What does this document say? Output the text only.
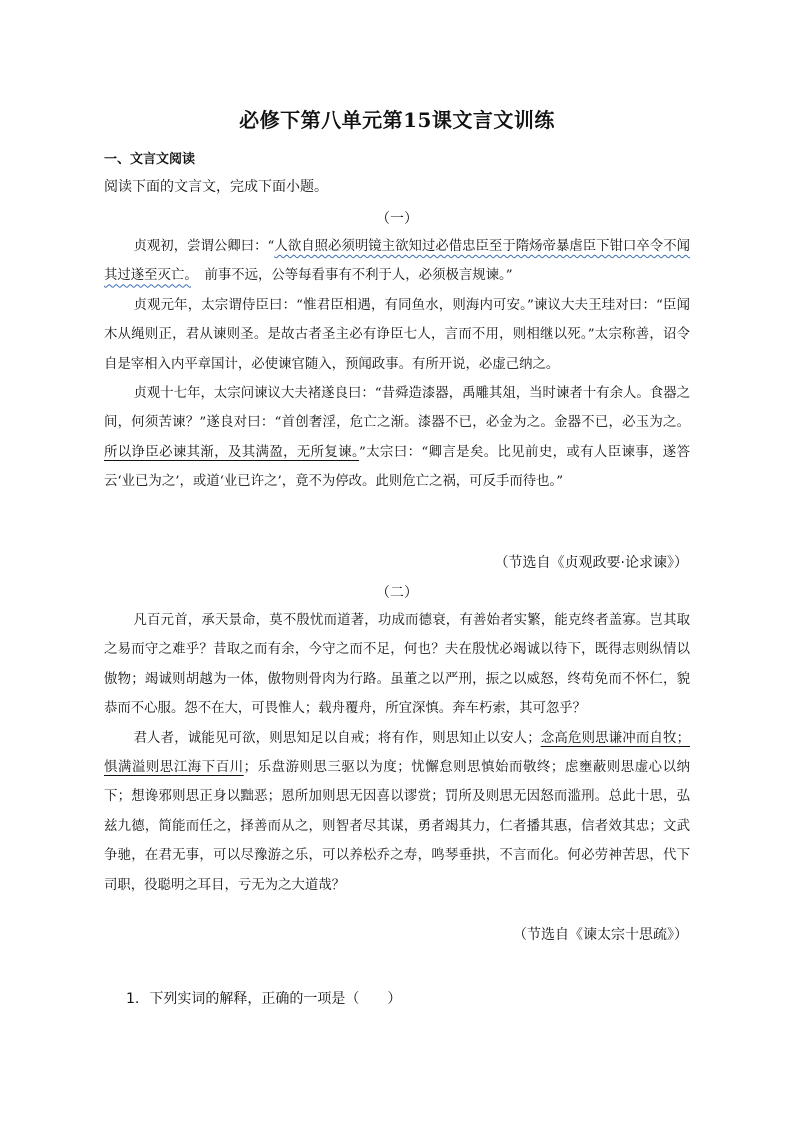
必修下第八单元第15课文言文训练
一、文言文阅读
阅读下面的文言文，完成下面小题。
（一）

贞观初，尝谓公卿曰：“人欲自照必须明镜主欲知过必借忠臣至于隋炀帝暴虐臣下钳口卒令不闻其过遂至灭亡。　 前事不远，公等每看事有不利于人，必须极言规谏。”

贞观元年，太宗谓侍臣曰：“惟君臣相遇，有同鱼水，则海内可安。”谏议大夫王珪对曰：“臣闻木从绳则正，君从谏则圣。是故古者圣主必有诤臣七人，言而不用，则相继以死。”太宗称善，诏令自是宰相入内平章国计，必使谏官随入，预闻政事。有所开说，必虚己纳之。

贞观十七年，太宗问谏议大夫褚遂良曰：“昔舜造漆器，禹雕其俎，当时谏者十有余人。食器之间，何须苦谏？”遂良对曰：“首创奢淫，危亡之渐。漆器不已，必金为之。金器不已，必玉为之。所以诤臣必谏其渐，及其满盈，无所复谏。”太宗曰：“卿言是矣。比见前史，或有人臣谏事，遂答云‘业已为之’，或道‘业已许之’，竟不为停改。此则危亡之祸，可反手而待也。”

（节选自《贞观政要·论求谏》）
（二）

凡百元首，承天景命，莫不殷忧而道著，功成而德衰，有善始者实繁，能克终者盖寡。岂其取之易而守之难乎？昔取之而有余，今守之而不足，何也？夫在殷忧必竭诚以待下，既得志则纵情以傲物；竭诚则胡越为一体，傲物则骨肉为行路。虽董之以严刑，振之以威怒，终苟免而不怀仁，貌恭而不心服。怨不在大，可畏惟人；载舟覆舟，所宜深慎。奔车朽索，其可忽乎？

君人者，诚能见可欲，则思知足以自戒；将有作，则思知止以安人；念高危则思谦冲而自牧；惧满溢则思江海下百川；乐盘游则思三驱以为度；忧懈怠则思慎始而敬终；虑壅蔽则思虚心以纳下；想谗邪则思正身以黜恶；恩所加则思无因喜以谬赏；罚所及则思无因怒而滥刑。总此十思，弘兹九德，简能而任之，择善而从之，则智者尽其谋，勇者竭其力，仁者播其惠，信者效其忠；文武争驰，在君无事，可以尽豫游之乐，可以养松乔之寿，鸣琴垂拱，不言而化。何必劳神苦思，代下司职，役聪明之耳目，亏无为之大道哉？

（节选自《谏太宗十思疏》）
1. 下列实词的解释，正确的一项是（　　）
